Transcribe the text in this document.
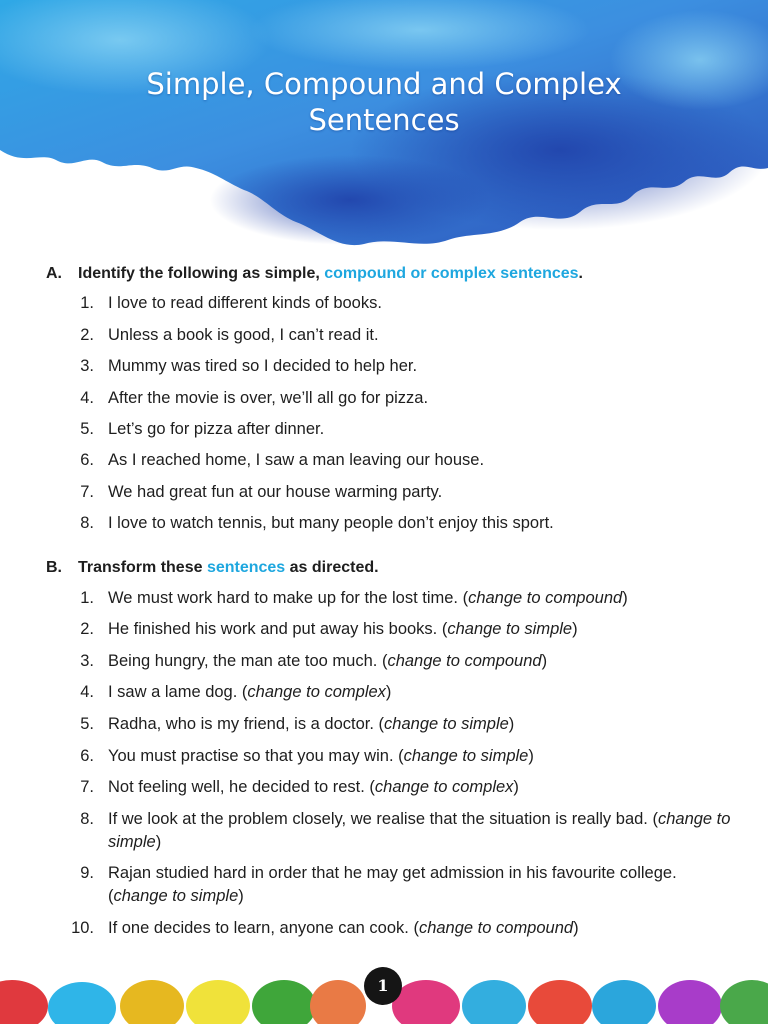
Simple, Compound and Complex
Sentences
A. Identify the following as simple, compound or complex sentences.
1. I love to read different kinds of books.
2. Unless a book is good, I can’t read it.
3. Mummy was tired so I decided to help her.
4. After the movie is over, we’ll all go for pizza.
5. Let’s go for pizza after dinner.
6. As I reached home, I saw a man leaving our house.
7. We had great fun at our house warming party.
8. I love to watch tennis, but many people don’t enjoy this sport.
B. Transform these sentences as directed.
1. We must work hard to make up for the lost time. (change to compound)
2. He finished his work and put away his books. (change to simple)
3. Being hungry, the man ate too much. (change to compound)
4. I saw a lame dog. (change to complex)
5. Radha, who is my friend, is a doctor. (change to simple)
6. You must practise so that you may win. (change to simple)
7. Not feeling well, he decided to rest. (change to complex)
8. If we look at the problem closely, we realise that the situation is really bad. (change to simple)
9. Rajan studied hard in order that he may get admission in his favourite college. (change to simple)
10. If one decides to learn, anyone can cook. (change to compound)
1
